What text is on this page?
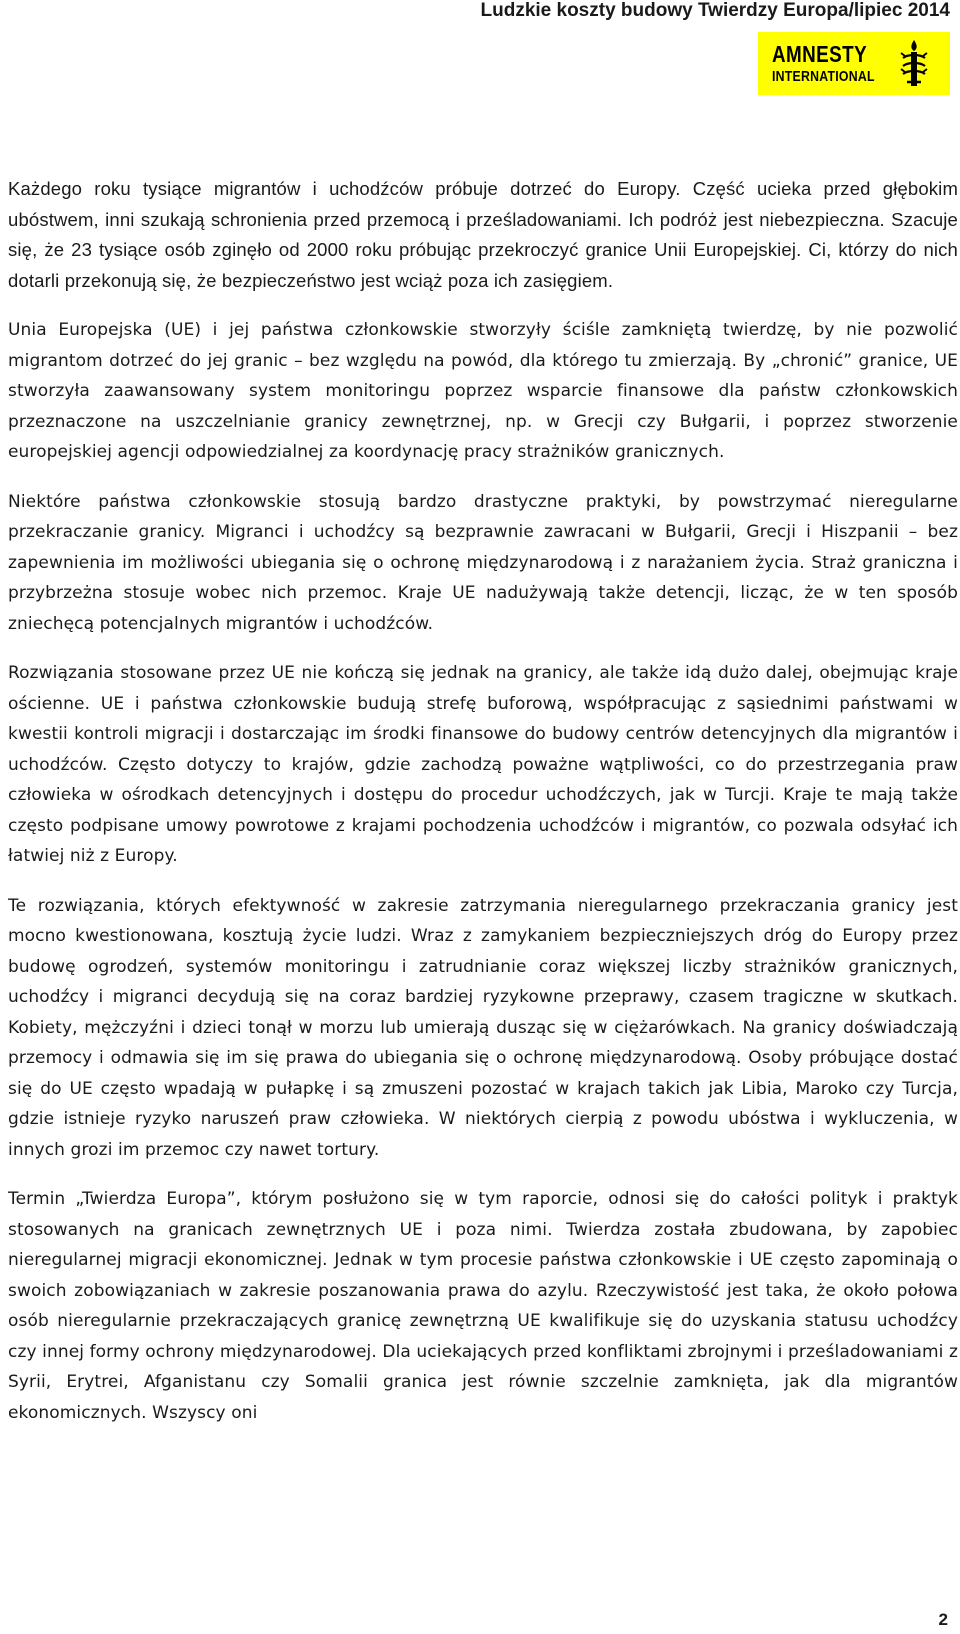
Ludzkie koszty budowy Twierdzy Europa/lipiec 2014
AMNESTY
INTERNATIONAL

Każdego roku tysiące migrantów i uchodźców próbuje dotrzeć do Europy. Część ucieka przed głębokim ubóstwem, inni szukają schronienia przed przemocą i prześladowaniami. Ich podróż jest niebezpieczna. Szacuje się, że 23 tysiące osób zginęło od 2000 roku próbując przekroczyć granice Unii Europejskiej. Ci, którzy do nich dotarli przekonują się, że bezpieczeństwo jest wciąż poza ich zasięgiem.

Unia Europejska (UE) i jej państwa członkowskie stworzyły ściśle zamkniętą twierdzę, by nie pozwolić migrantom dotrzeć do jej granic – bez względu na powód, dla którego tu zmierzają. By „chronić” granice, UE stworzyła zaawansowany system monitoringu poprzez wsparcie finansowe dla państw członkowskich przeznaczone na uszczelnianie granicy zewnętrznej, np. w Grecji czy Bułgarii, i poprzez stworzenie europejskiej agencji odpowiedzialnej za koordynację pracy strażników granicznych.

Niektóre państwa członkowskie stosują bardzo drastyczne praktyki, by powstrzymać nieregularne przekraczanie granicy. Migranci i uchodźcy są bezprawnie zawracani w Bułgarii, Grecji i Hiszpanii – bez zapewnienia im możliwości ubiegania się o ochronę międzynarodową i z narażaniem życia. Straż graniczna i przybrzeżna stosuje wobec nich przemoc. Kraje UE nadużywają także detencji, licząc, że w ten sposób zniechęcą potencjalnych migrantów i uchodźców.

Rozwiązania stosowane przez UE nie kończą się jednak na granicy, ale także idą dużo dalej, obejmując kraje ościenne. UE i państwa członkowskie budują strefę buforową, współpracując z sąsiednimi państwami w kwestii kontroli migracji i dostarczając im środki finansowe do budowy centrów detencyjnych dla migrantów i uchodźców. Często dotyczy to krajów, gdzie zachodzą poważne wątpliwości, co do przestrzegania praw człowieka w ośrodkach detencyjnych i dostępu do procedur uchodźczych, jak w Turcji. Kraje te mają także często podpisane umowy powrotowe z krajami pochodzenia uchodźców i migrantów, co pozwala odsyłać ich łatwiej niż z Europy.

Te rozwiązania, których efektywność w zakresie zatrzymania nieregularnego przekraczania granicy jest mocno kwestionowana, kosztują życie ludzi. Wraz z zamykaniem bezpieczniejszych dróg do Europy przez budowę ogrodzeń, systemów monitoringu i zatrudnianie coraz większej liczby strażników granicznych, uchodźcy i migranci decydują się na coraz bardziej ryzykowne przeprawy, czasem tragiczne w skutkach. Kobiety, mężczyźni i dzieci tonął w morzu lub umierają dusząc się w ciężarówkach. Na granicy doświadczają przemocy i odmawia się im się prawa do ubiegania się o ochronę międzynarodową. Osoby próbujące dostać się do UE często wpadają w pułapkę i są zmuszeni pozostać w krajach takich jak Libia, Maroko czy Turcja, gdzie istnieje ryzyko naruszeń praw człowieka. W niektórych cierpią z powodu ubóstwa i wykluczenia, w innych grozi im przemoc czy nawet tortury.

Termin „Twierdza Europa”, którym posłużono się w tym raporcie, odnosi się do całości polityk i praktyk stosowanych na granicach zewnętrznych UE i poza nimi. Twierdza została zbudowana, by zapobiec nieregularnej migracji ekonomicznej. Jednak w tym procesie państwa członkowskie i UE często zapominają o swoich zobowiązaniach w zakresie poszanowania prawa do azylu. Rzeczywistość jest taka, że około połowa osób nieregularnie przekraczających granicę zewnętrzną UE kwalifikuje się do uzyskania statusu uchodźcy czy innej formy ochrony międzynarodowej. Dla uciekających przed konfliktami zbrojnymi i prześladowaniami z Syrii, Erytrei, Afganistanu czy Somalii granica jest równie szczelnie zamknięta, jak dla migrantów ekonomicznych. Wszyscy oni

2
